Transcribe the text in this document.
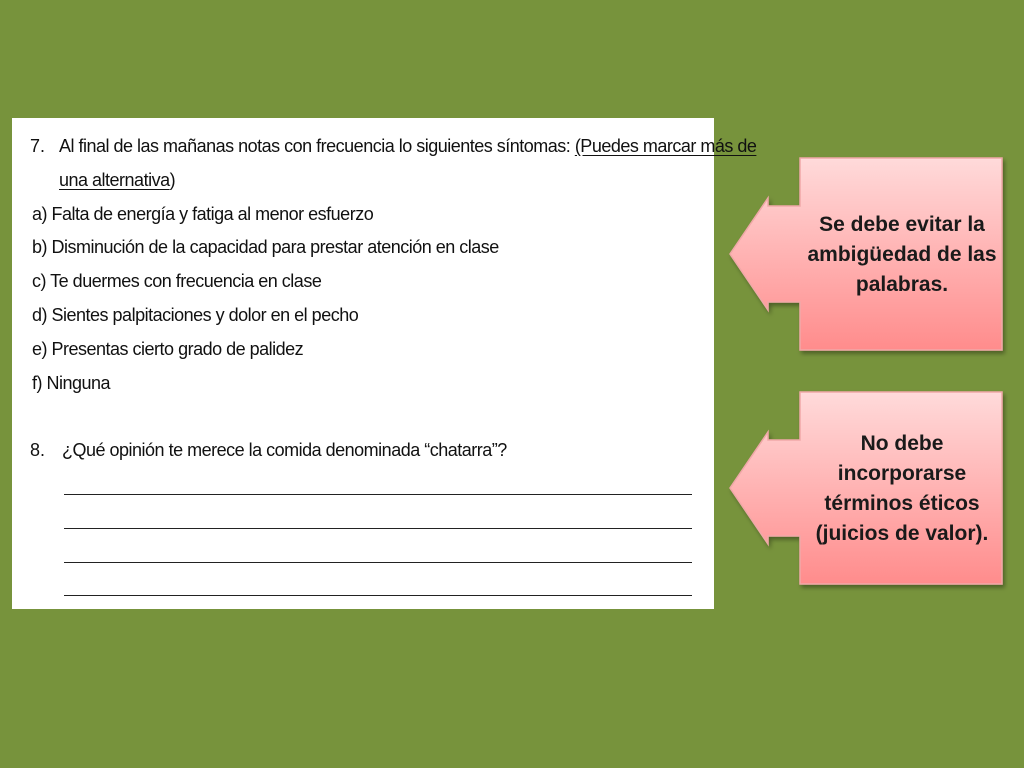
7. Al final de las mañanas notas con frecuencia lo siguientes síntomas: (Puedes marcar más de
una alternativa)
a) Falta de energía y fatiga al menor esfuerzo
b) Disminución de la capacidad para prestar atención en clase
c) Te duermes con frecuencia en clase
d) Sientes palpitaciones y dolor en el pecho
e) Presentas cierto grado de palidez
f) Ninguna
8. ¿Qué opinión te merece la comida denominada “chatarra”?
Se debe evitar la ambigüedad de las palabras.
No debe incorporarse términos éticos (juicios de valor).
